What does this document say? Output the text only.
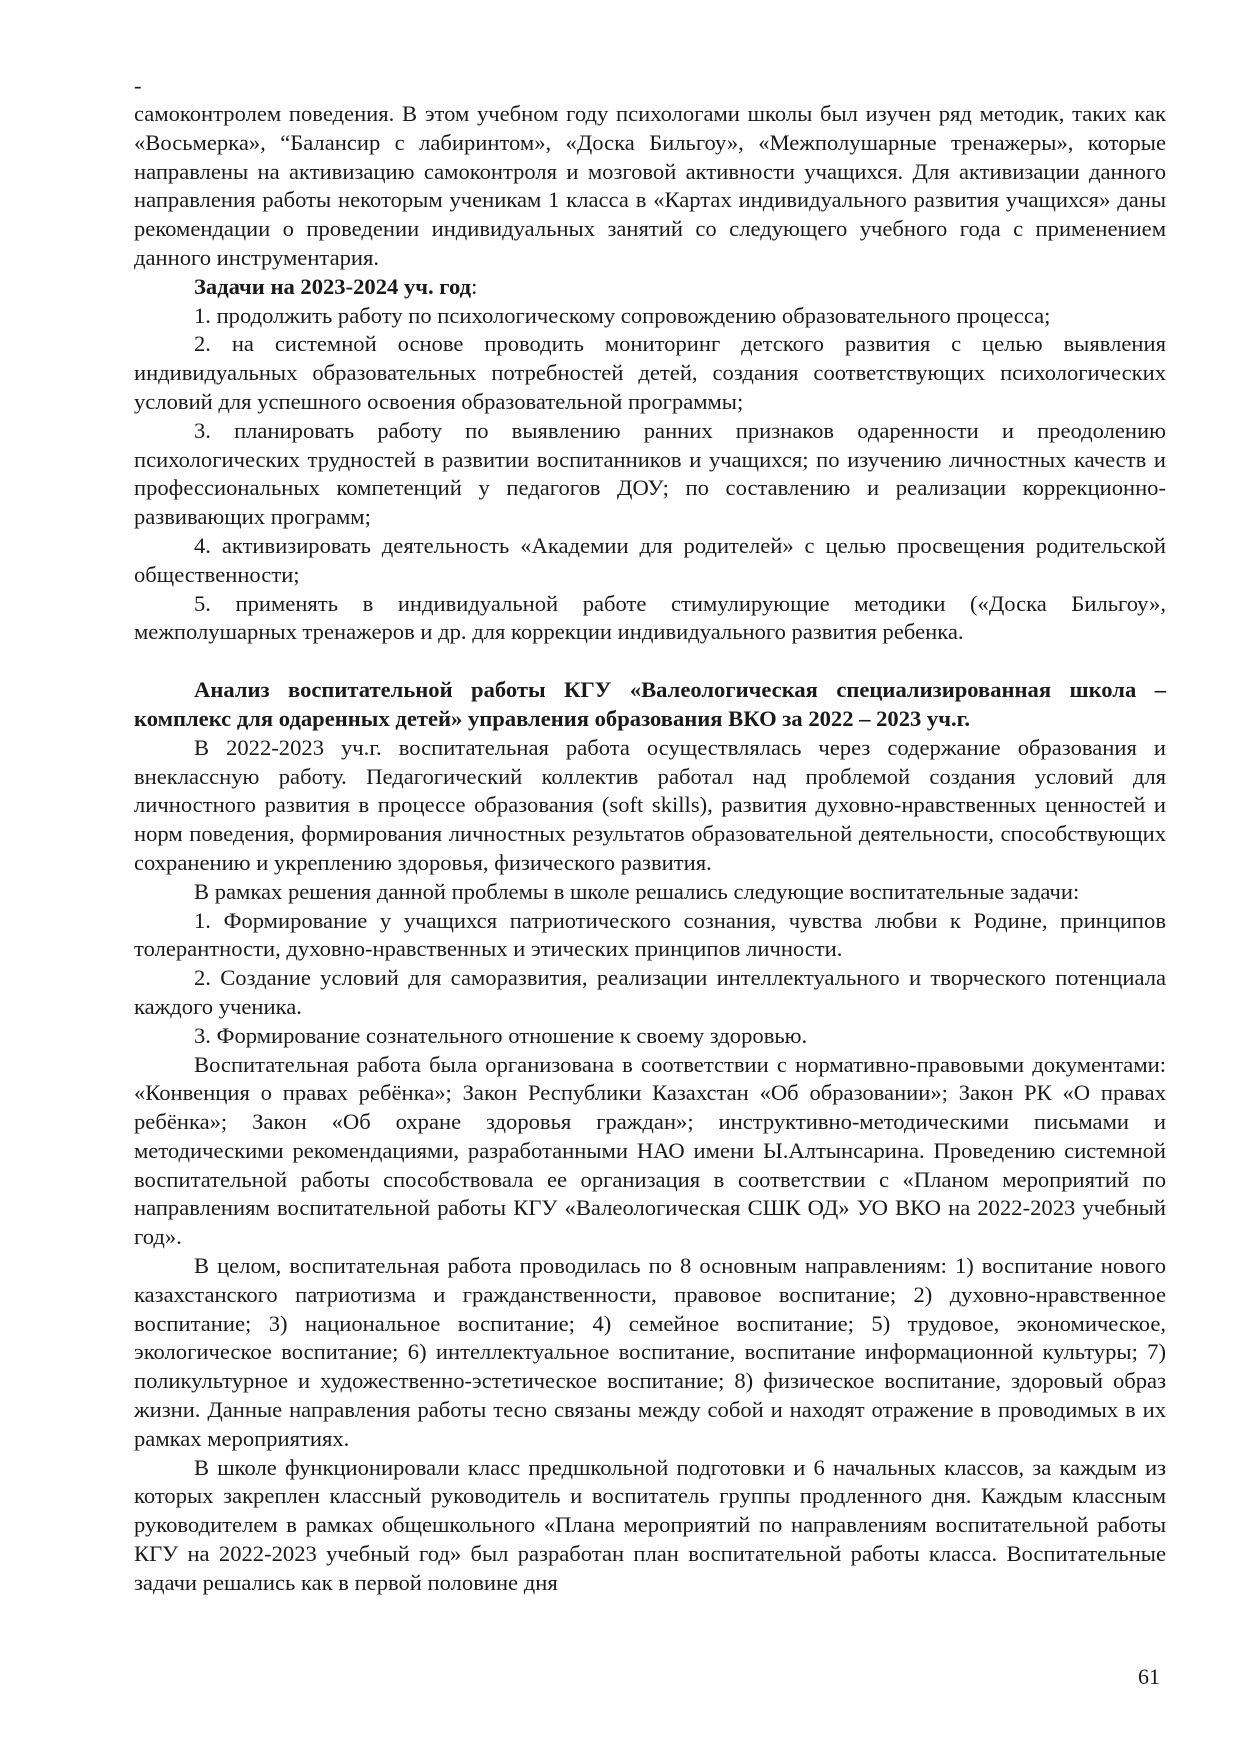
-

самоконтролем поведения. В этом учебном году психологами школы был изучен ряд методик, таких как «Восьмерка», “Балансир с лабиринтом», «Доска Бильгоу», «Межполушарные тренажеры», которые направлены на активизацию самоконтроля и мозговой активности учащихся. Для активизации данного направления работы некоторым ученикам 1 класса в «Картах индивидуального развития учащихся» даны рекомендации о проведении индивидуальных занятий со следующего учебного года с применением данного инструментария.

Задачи на 2023-2024 уч. год:

1. продолжить работу по психологическому сопровождению образовательного процесса;

2. на системной основе проводить мониторинг детского развития с целью выявления индивидуальных образовательных потребностей детей, создания соответствующих психологических условий для успешного освоения образовательной программы;

3. планировать работу по выявлению ранних признаков одаренности и преодолению психологических трудностей в развитии воспитанников и учащихся; по изучению личностных качеств и профессиональных компетенций у педагогов ДОУ; по составлению и реализации коррекционно-развивающих программ;

4. активизировать деятельность «Академии для родителей» с целью просвещения родительской общественности;

5. применять в индивидуальной работе стимулирующие методики («Доска Бильгоу», межполушарных тренажеров и др. для коррекции индивидуального развития ребенка.

Анализ воспитательной работы КГУ «Валеологическая специализированная школа – комплекс для одаренных детей» управления образования ВКО за 2022 – 2023 уч.г.

В 2022-2023 уч.г. воспитательная работа осуществлялась через содержание образования и внеклассную работу. Педагогический коллектив работал над проблемой создания условий для личностного развития в процессе образования (soft skills), развития духовно-нравственных ценностей и норм поведения, формирования личностных результатов образовательной деятельности, способствующих сохранению и укреплению здоровья, физического развития.

В рамках решения данной проблемы в школе решались следующие воспитательные задачи:

1. Формирование у учащихся патриотического сознания, чувства любви к Родине, принципов толерантности, духовно-нравственных и этических принципов личности.

2. Создание условий для саморазвития, реализации интеллектуального и творческого потенциала каждого ученика.

3. Формирование сознательного отношение к своему здоровью.

Воспитательная работа была организована в соответствии с нормативно-правовыми документами: «Конвенция о правах ребёнка»; Закон Республики Казахстан «Об образовании»; Закон РК «О правах ребёнка»; Закон «Об охране здоровья граждан»; инструктивно-методическими письмами и методическими рекомендациями, разработанными НАО имени Ы.Алтынсарина. Проведению системной воспитательной работы способствовала ее организация в соответствии с «Планом мероприятий по направлениям воспитательной работы КГУ «Валеологическая СШК ОД» УО ВКО на 2022-2023 учебный год».

В целом, воспитательная работа проводилась по 8 основным направлениям: 1) воспитание нового казахстанского патриотизма и гражданственности, правовое воспитание; 2) духовно-нравственное воспитание; 3) национальное воспитание; 4) семейное воспитание; 5) трудовое, экономическое, экологическое воспитание; 6) интеллектуальное воспитание, воспитание информационной культуры; 7) поликультурное и художественно-эстетическое воспитание; 8) физическое воспитание, здоровый образ жизни. Данные направления работы тесно связаны между собой и находят отражение в проводимых в их рамках мероприятиях.

В школе функционировали класс предшкольной подготовки и 6 начальных классов, за каждым из которых закреплен классный руководитель и воспитатель группы продленного дня. Каждым классным руководителем в рамках общешкольного «Плана мероприятий по направлениям воспитательной работы КГУ на 2022-2023 учебный год» был разработан план воспитательной работы класса. Воспитательные задачи решались как в первой половине дня

61
